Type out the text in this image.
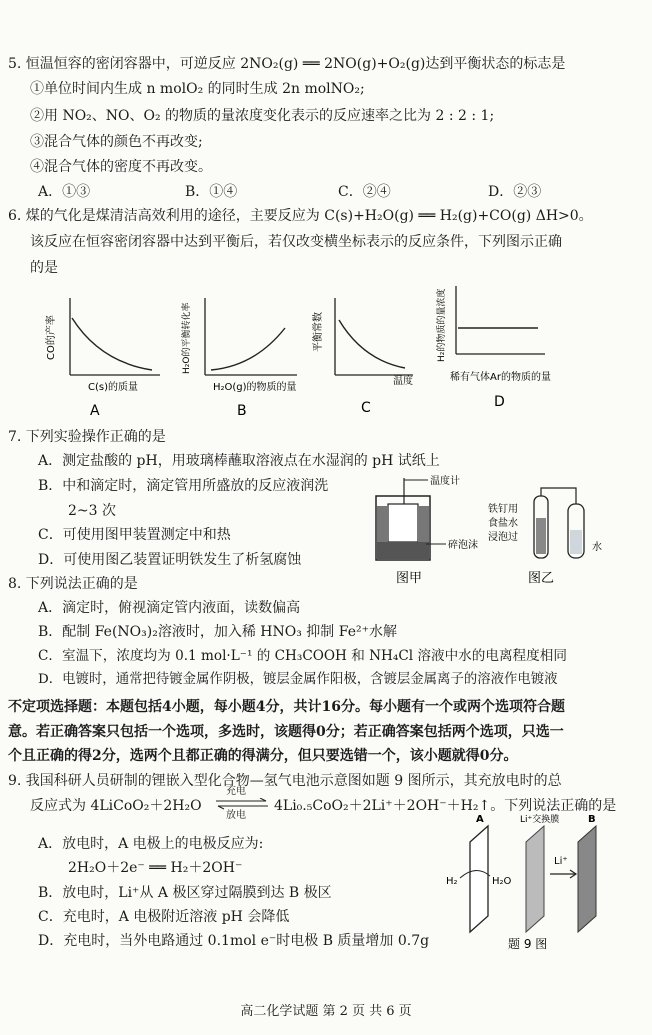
5. 恒温恒容的密闭容器中，可逆反应 2NO₂(g) ══ 2NO(g)+O₂(g)达到平衡状态的标志是
①单位时间内生成 n molO₂ 的同时生成 2n molNO₂;
②用 NO₂、NO、O₂ 的物质的量浓度变化表示的反应速率之比为 2 : 2 : 1;
③混合气体的颜色不再改变;
④混合气体的密度不再改变。
A．①③	B．①④	C．②④	D．②③
6. 煤的气化是煤清洁高效利用的途径，主要反应为 C(s)+H₂O(g) ══ H₂(g)+CO(g) ΔH>0。
该反应在恒容密闭容器中达到平衡后，若仅改变横坐标表示的反应条件，下列图示正确
的是
CO的产率
C(s)的质量
A
H₂O的平衡转化率
H₂O(g)的物质的量
B
平衡常数
温度
C
H₂的物质的量浓度
稀有气体Ar的物质的量
D
7. 下列实验操作正确的是
A．测定盐酸的 pH，用玻璃棒蘸取溶液点在水湿润的 pH 试纸上
B．中和滴定时，滴定管用所盛放的反应液润洗
2~3 次
C．可使用图甲装置测定中和热
D．可使用图乙装置证明铁发生了析氢腐蚀
温度计
碎泡沫
图甲
铁钉用
食盐水
浸泡过
水
图乙
8. 下列说法正确的是
A．滴定时，俯视滴定管内液面，读数偏高
B．配制 Fe(NO₃)₂溶液时，加入稀 HNO₃ 抑制 Fe²⁺水解
C．室温下，浓度均为 0.1 mol·L⁻¹ 的 CH₃COOH 和 NH₄Cl 溶液中水的电离程度相同
D．电镀时，通常把待镀金属作阴极，镀层金属作阳极，含镀层金属离子的溶液作电镀液
不定项选择题：本题包括4小题，每小题4分，共计16分。每小题有一个或两个选项符合题
意。若正确答案只包括一个选项，多选时，该题得0分；若正确答案包括两个选项，只选一
个且正确的得2分，选两个且都正确的得满分，但只要选错一个，该小题就得0分。
9. 我国科研人员研制的锂嵌入型化合物—氢气电池示意图如题 9 图所示，其充放电时的总
反应式为 4LiCoO₂＋2H₂O
充电
放电
4Li₀.₅CoO₂＋2Li⁺＋2OH⁻＋H₂↑。下列说法正确的是
A．放电时，A 电极上的电极反应为:
2H₂O＋2e⁻ ══ H₂＋2OH⁻
B．放电时，Li⁺从 A 极区穿过隔膜到达 B 极区
C．充电时，A 电极附近溶液 pH 会降低
D．充电时，当外电路通过 0.1mol e⁻时电极 B 质量增加 0.7g
A	Li⁺交换膜	B
H₂	H₂O
Li⁺
题 9 图
高二化学试题 第 2 页 共 6 页
